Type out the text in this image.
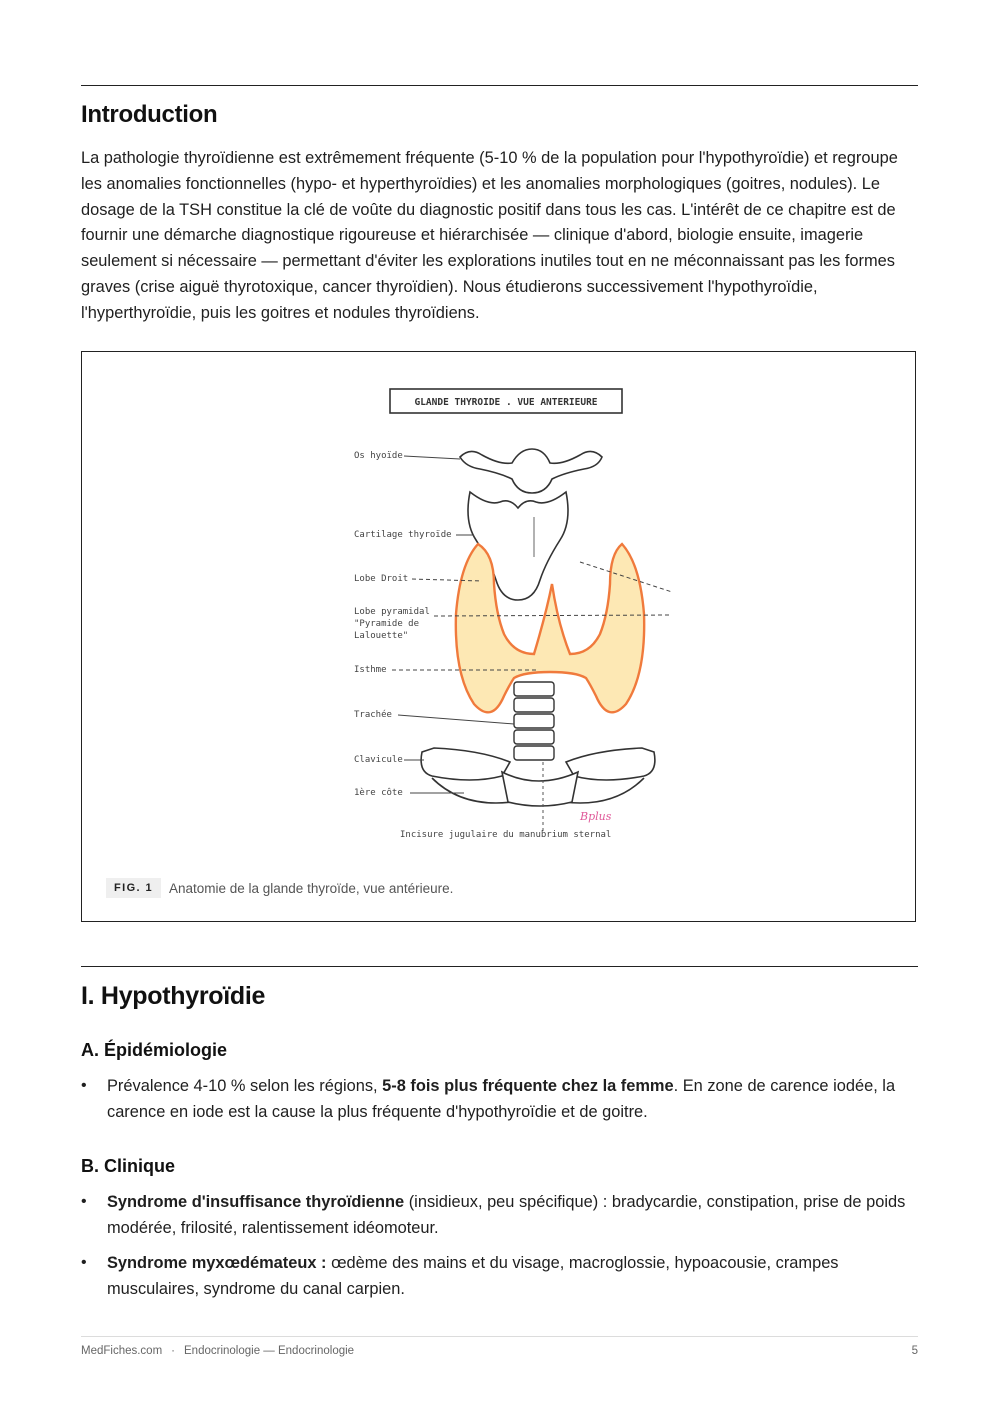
Introduction

La pathologie thyroïdienne est extrêmement fréquente (5-10 % de la population pour l'hypothyroïdie) et regroupe les anomalies fonctionnelles (hypo- et hyperthyroïdies) et les anomalies morphologiques (goitres, nodules). Le dosage de la TSH constitue la clé de voûte du diagnostic positif dans tous les cas. L'intérêt de ce chapitre est de fournir une démarche diagnostique rigoureuse et hiérarchisée — clinique d'abord, biologie ensuite, imagerie seulement si nécessaire — permettant d'éviter les explorations inutiles tout en ne méconnaissant pas les formes graves (crise aiguë thyrotoxique, cancer thyroïdien). Nous étudierons successivement l'hypothyroïdie, l'hyperthyroïdie, puis les goitres et nodules thyroïdiens.

GLANDE THYROIDE . VUE ANTERIEURE
Bplus
Os hyoïde
Cartilage thyroïde
Lobe Droit
Lobe pyramidal
"Pyramide de
Lalouette"
Isthme
Trachée
Clavicule
1ère côte
Incisure jugulaire du manubrium sternal
FIG. 1	Anatomie de la glande thyroïde, vue antérieure.
I. Hypothyroïdie
A. Épidémiologie
• Prévalence 4-10 % selon les régions, 5-8 fois plus fréquente chez la femme. En zone de carence iodée, la carence en iode est la cause la plus fréquente d'hypothyroïdie et de goitre.
B. Clinique
• Syndrome d'insuffisance thyroïdienne (insidieux, peu spécifique) : bradycardie, constipation, prise de poids modérée, frilosité, ralentissement idéomoteur.
• Syndrome myxœdémateux : œdème des mains et du visage, macroglossie, hypoacousie, crampes musculaires, syndrome du canal carpien.
MedFiches.com · Endocrinologie — Endocrinologie	5
